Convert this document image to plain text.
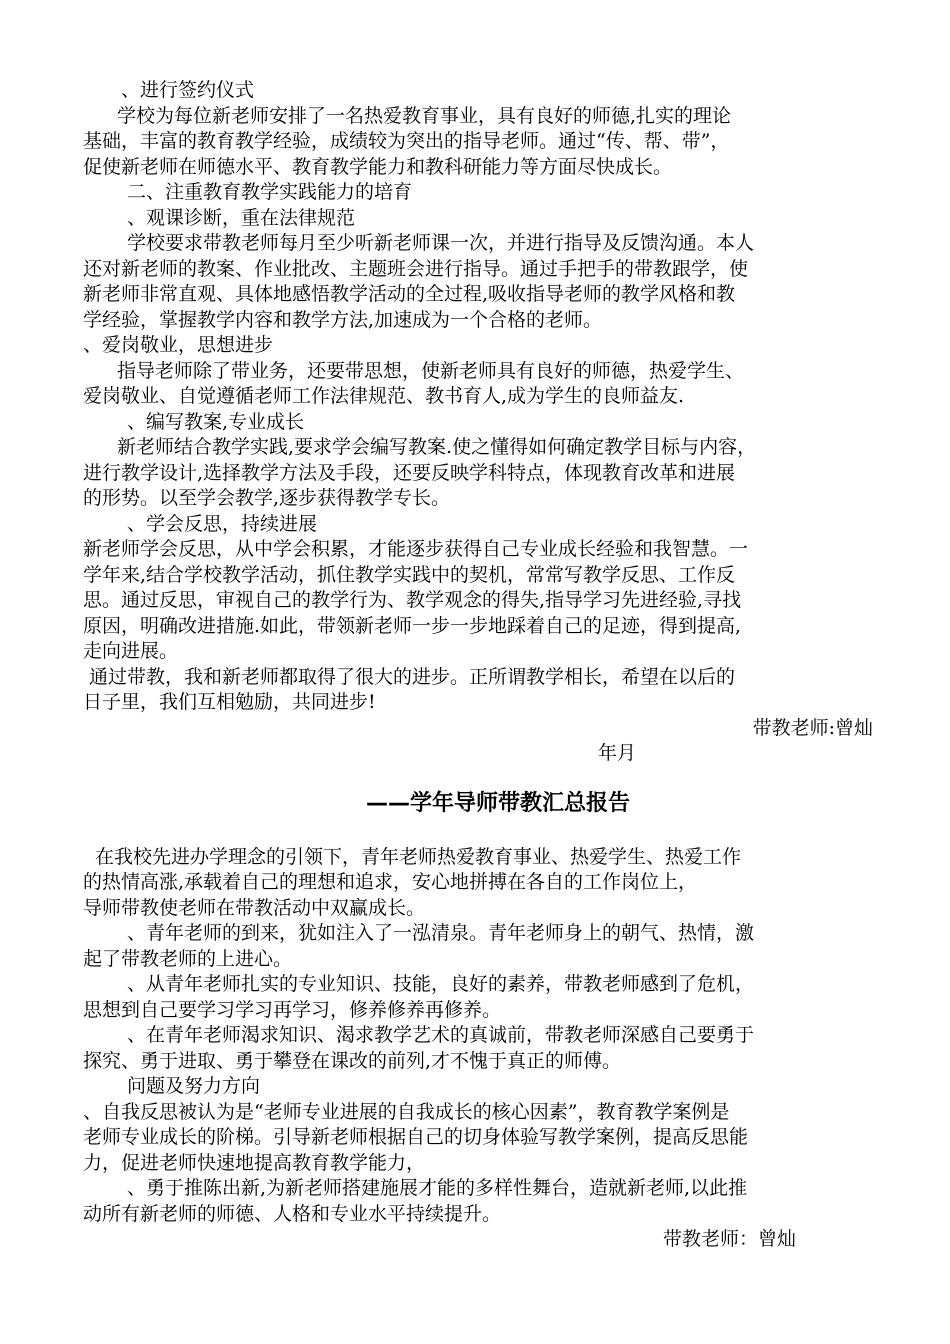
、进行签约仪式
学校为每位新老师安排了一名热爱教育事业，具有良好的师德,扎实的理论
基础，丰富的教育教学经验，成绩较为突出的指导老师。通过“传、帮、带”，
促使新老师在师德水平、教育教学能力和教科研能力等方面尽快成长。
二、注重教育教学实践能力的培育
、观课诊断，重在法律规范
学校要求带教老师每月至少听新老师课一次，并进行指导及反馈沟通。本人
还对新老师的教案、作业批改、主题班会进行指导。通过手把手的带教跟学，使
新老师非常直观、具体地感悟教学活动的全过程,吸收指导老师的教学风格和教
学经验，掌握教学内容和教学方法,加速成为一个合格的老师。
、爱岗敬业，思想进步
指导老师除了带业务，还要带思想，使新老师具有良好的师德，热爱学生、
爱岗敬业、自觉遵循老师工作法律规范、教书育人,成为学生的良师益友.
、编写教案,专业成长
新老师结合教学实践,要求学会编写教案.使之懂得如何确定教学目标与内容，
进行教学设计,选择教学方法及手段，还要反映学科特点，体现教育改革和进展
的形势。以至学会教学,逐步获得教学专长。
、学会反思，持续进展
新老师学会反思，从中学会积累，才能逐步获得自己专业成长经验和我智慧。一
学年来,结合学校教学活动，抓住教学实践中的契机，常常写教学反思、工作反
思。通过反思，审视自己的教学行为、教学观念的得失,指导学习先进经验,寻找
原因，明确改进措施.如此，带领新老师一步一步地踩着自己的足迹，得到提高,
走向进展。
通过带教，我和新老师都取得了很大的进步。正所谓教学相长，希望在以后的
日子里，我们互相勉励，共同进步!
带教老师:曾灿
年月
——学年导师带教汇总报告
在我校先进办学理念的引领下，青年老师热爱教育事业、热爱学生、热爱工作
的热情高涨,承载着自己的理想和追求，安心地拼搏在各自的工作岗位上，
导师带教使老师在带教活动中双赢成长。
、青年老师的到来，犹如注入了一泓清泉。青年老师身上的朝气、热情，激
起了带教老师的上进心。
、从青年老师扎实的专业知识、技能，良好的素养，带教老师感到了危机，
思想到自己要学习学习再学习，修养修养再修养。
、在青年老师渴求知识、渴求教学艺术的真诚前，带教老师深感自己要勇于
探究、勇于进取、勇于攀登在课改的前列,才不愧于真正的师傅。
问题及努力方向
、自我反思被认为是“老师专业进展的自我成长的核心因素”，教育教学案例是
老师专业成长的阶梯。引导新老师根据自己的切身体验写教学案例，提高反思能
力，促进老师快速地提高教育教学能力，
、勇于推陈出新,为新老师搭建施展才能的多样性舞台，造就新老师,以此推
动所有新老师的师德、人格和专业水平持续提升。
带教老师：曾灿
